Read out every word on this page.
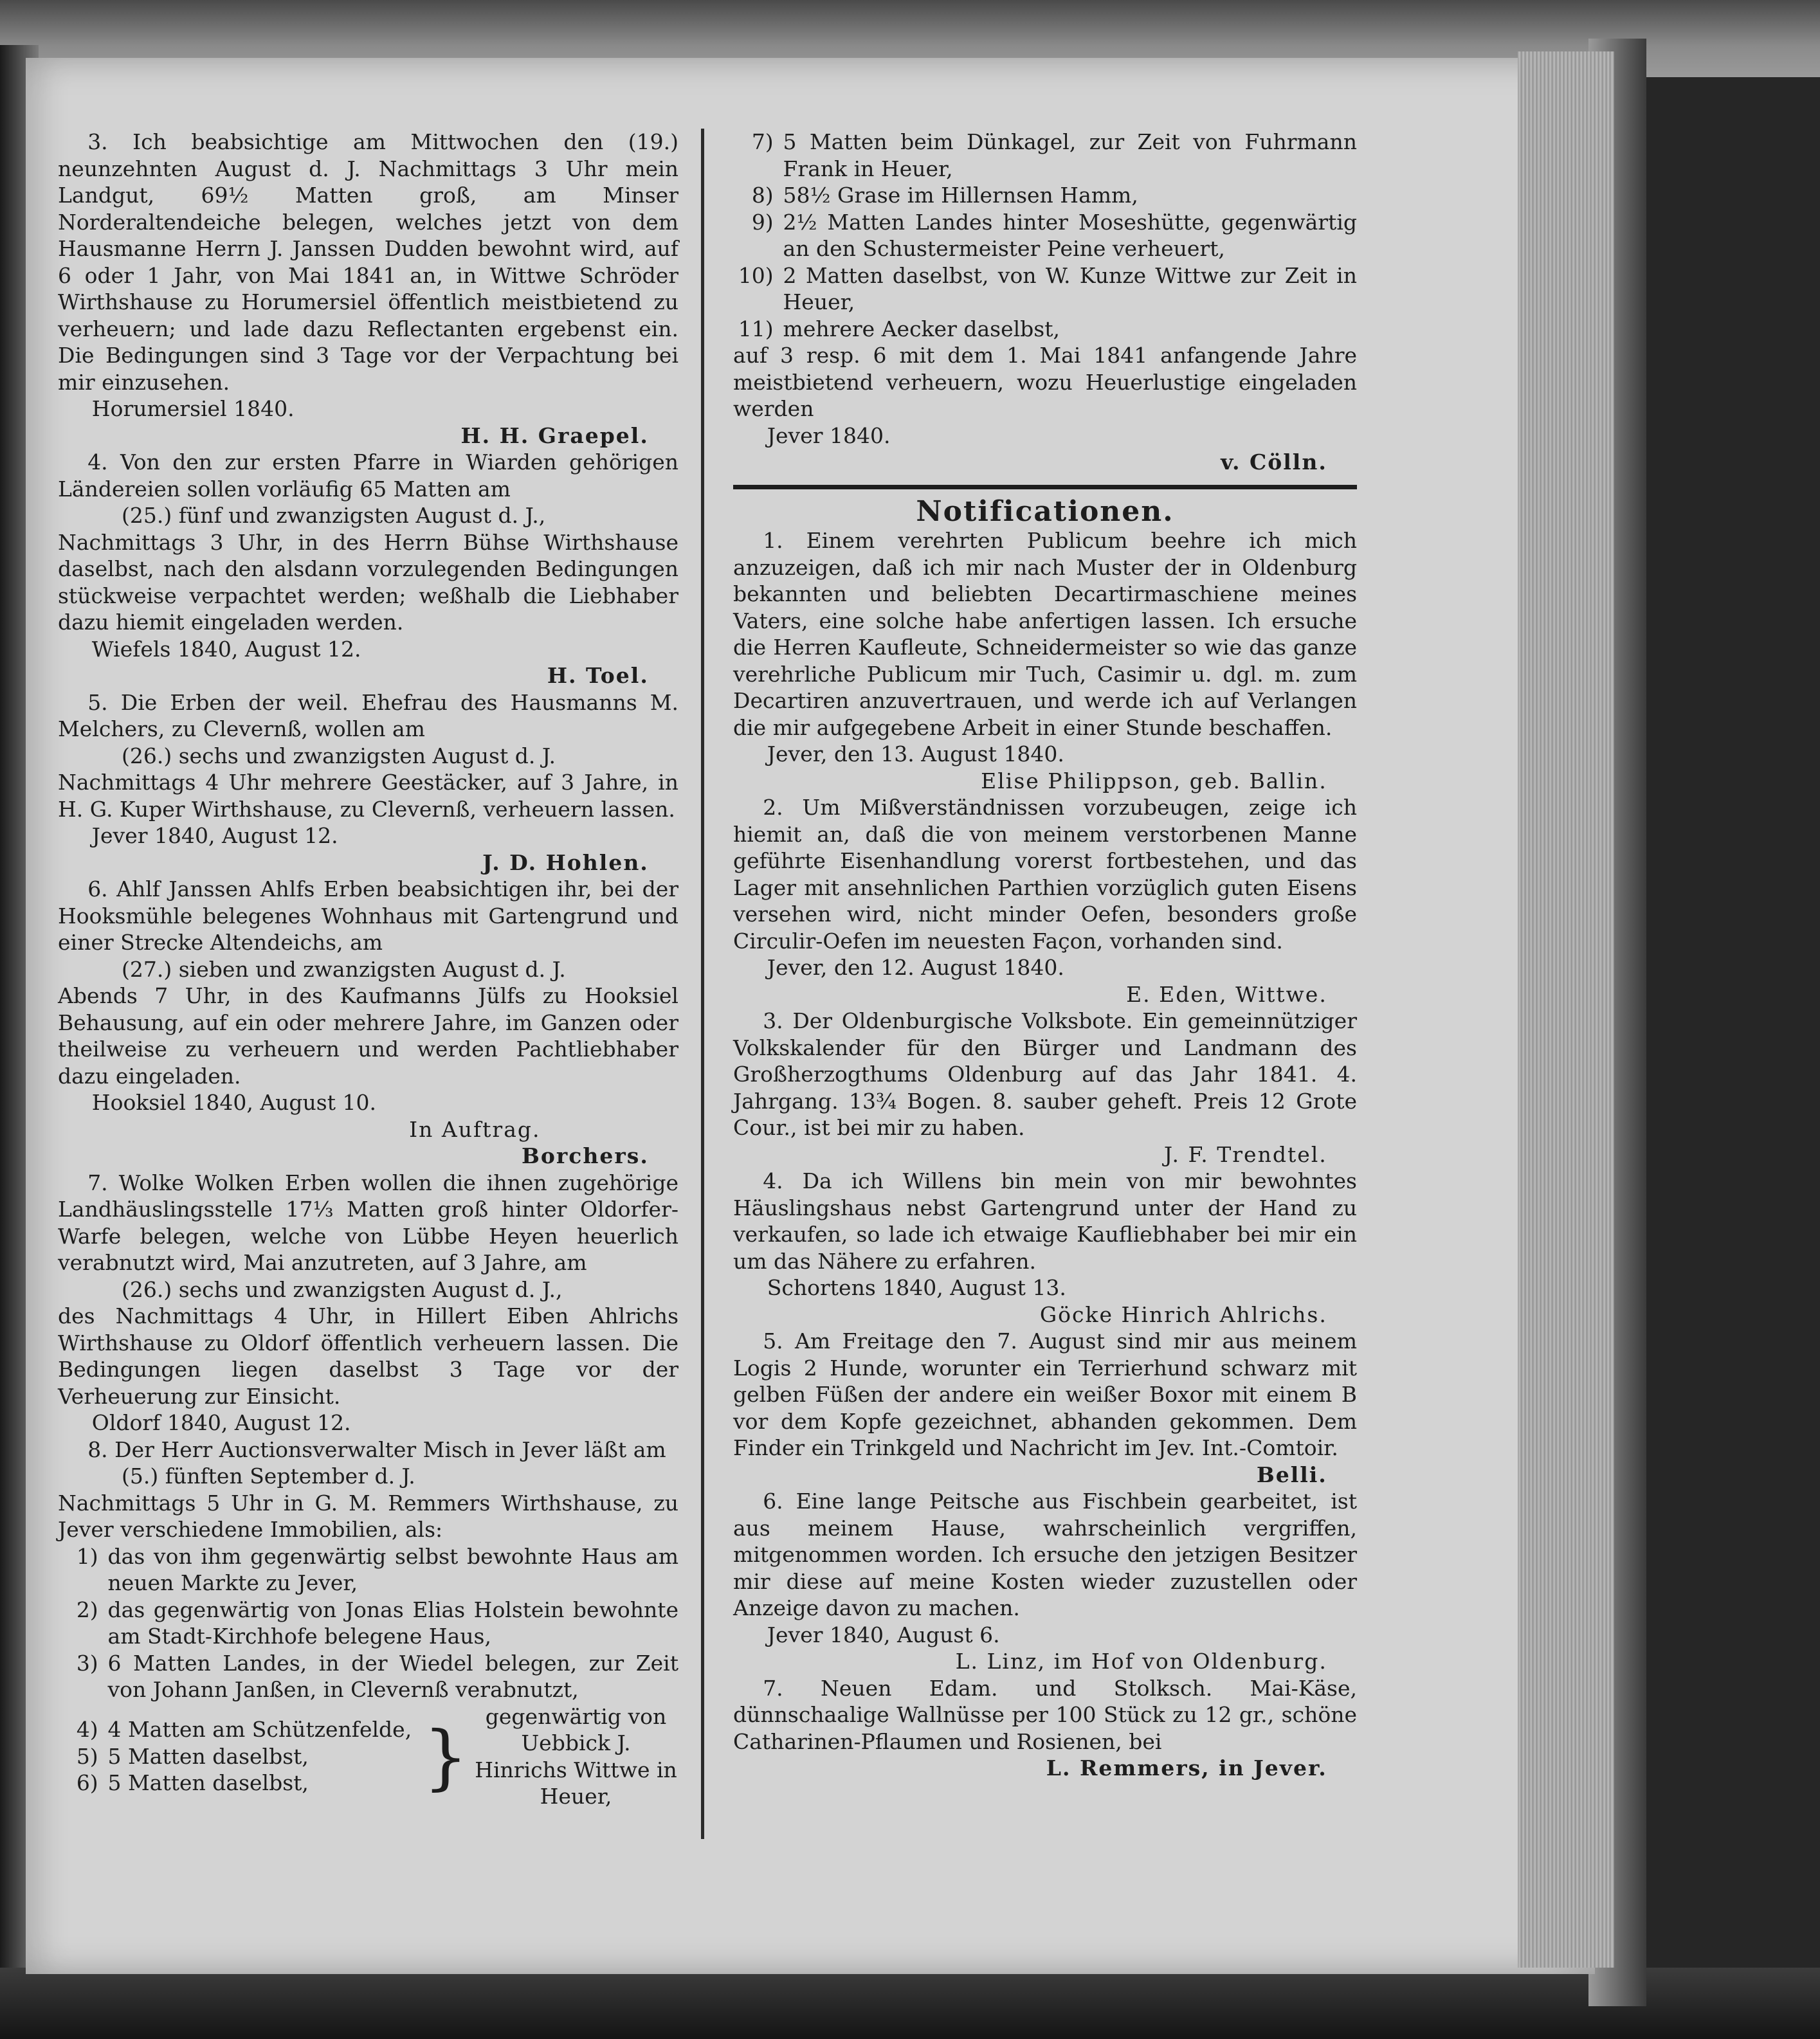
3. Ich beabsichtige am Mittwochen den (19.) neunzehnten August d. J. Nachmittags 3 Uhr mein Landgut, 69½ Matten groß, am Minser Norderaltendeiche belegen, welches jetzt von dem Hausmanne Herrn J. Janssen Dudden bewohnt wird, auf 6 oder 1 Jahr, von Mai 1841 an, in Wittwe Schröder Wirthshause zu Horumersiel öffentlich meistbietend zu verheuern; und lade dazu Reflectanten ergebenst ein. Die Bedingungen sind 3 Tage vor der Verpachtung bei mir einzusehen.
Horumersiel 1840.
H. H. Graepel.

4. Von den zur ersten Pfarre in Wiarden gehörigen Ländereien sollen vorläufig 65 Matten am
(25.) fünf und zwanzigsten August d. J.,
Nachmittags 3 Uhr, in des Herrn Bühse Wirthshause daselbst, nach den alsdann vorzulegenden Bedingungen stückweise verpachtet werden; weßhalb die Liebhaber dazu hiemit eingeladen werden.
Wiefels 1840, August 12.
H. Toel.

5. Die Erben der weil. Ehefrau des Hausmanns M. Melchers, zu Clevernß, wollen am
(26.) sechs und zwanzigsten August d. J.
Nachmittags 4 Uhr mehrere Geestäcker, auf 3 Jahre, in H. G. Kuper Wirthshause, zu Clevernß, verheuern lassen.
Jever 1840, August 12.
J. D. Hohlen.

6. Ahlf Janssen Ahlfs Erben beabsichtigen ihr, bei der Hooksmühle belegenes Wohnhaus mit Gartengrund und einer Strecke Altendeichs, am
(27.) sieben und zwanzigsten August d. J.
Abends 7 Uhr, in des Kaufmanns Jülfs zu Hooksiel Behausung, auf ein oder mehrere Jahre, im Ganzen oder theilweise zu verheuern und werden Pachtliebhaber dazu eingeladen.
Hooksiel 1840, August 10.
In Auftrag.
Borchers.

7. Wolke Wolken Erben wollen die ihnen zugehörige Landhäuslingsstelle 17⅓ Matten groß hinter Oldorfer-Warfe belegen, welche von Lübbe Heyen heuerlich verabnutzt wird, Mai anzutreten, auf 3 Jahre, am
(26.) sechs und zwanzigsten August d. J.,
des Nachmittags 4 Uhr, in Hillert Eiben Ahlrichs Wirthshause zu Oldorf öffentlich verheuern lassen. Die Bedingungen liegen daselbst 3 Tage vor der Verheuerung zur Einsicht.
Oldorf 1840, August 12.

8. Der Herr Auctionsverwalter Misch in Jever läßt am
(5.) fünften September d. J.
Nachmittags 5 Uhr in G. M. Remmers Wirthshause, zu Jever verschiedene Immobilien, als:
1) das von ihm gegenwärtig selbst bewohnte Haus am neuen Markte zu Jever,
2) das gegenwärtig von Jonas Elias Holstein bewohnte am Stadt-Kirchhofe belegene Haus,
3) 6 Matten Landes, in der Wiedel belegen, zur Zeit von Johann Janßen, in Clevernß verabnutzt,
4) 4 Matten am Schützenfelde,
5) 5 Matten daselbst,
6) 5 Matten daselbst,	} gegenwärtig von Uebbick J. Hinrichs Wittwe in Heuer,
7) 5 Matten beim Dünkagel, zur Zeit von Fuhrmann Frank in Heuer,
8) 58½ Grase im Hillernsen Hamm,
9) 2½ Matten Landes hinter Moseshütte, gegenwärtig an den Schustermeister Peine verheuert,
10) 2 Matten daselbst, von W. Kunze Wittwe zur Zeit in Heuer,
11) mehrere Aecker daselbst,

auf 3 resp. 6 mit dem 1. Mai 1841 anfangende Jahre meistbietend verheuern, wozu Heuerlustige eingeladen werden
Jever 1840.
v. Cölln.

Notificationen.

1. Einem verehrten Publicum beehre ich mich anzuzeigen, daß ich mir nach Muster der in Oldenburg bekannten und beliebten Decartirmaschiene meines Vaters, eine solche habe anfertigen lassen. Ich ersuche die Herren Kaufleute, Schneidermeister so wie das ganze verehrliche Publicum mir Tuch, Casimir u. dgl. m. zum Decartiren anzuvertrauen, und werde ich auf Verlangen die mir aufgegebene Arbeit in einer Stunde beschaffen.
Jever, den 13. August 1840.
Elise Philippson, geb. Ballin.

2. Um Mißverständnissen vorzubeugen, zeige ich hiemit an, daß die von meinem verstorbenen Manne geführte Eisenhandlung vorerst fortbestehen, und das Lager mit ansehnlichen Parthien vorzüglich guten Eisens versehen wird, nicht minder Oefen, besonders große Circulir-Oefen im neuesten Façon, vorhanden sind.
Jever, den 12. August 1840.
E. Eden, Wittwe.

3. Der Oldenburgische Volksbote. Ein gemeinnütziger Volkskalender für den Bürger und Landmann des Großherzogthums Oldenburg auf das Jahr 1841. 4. Jahrgang. 13¾ Bogen. 8. sauber geheft. Preis 12 Grote Cour., ist bei mir zu haben.
J. F. Trendtel.

4. Da ich Willens bin mein von mir bewohntes Häuslingshaus nebst Gartengrund unter der Hand zu verkaufen, so lade ich etwaige Kaufliebhaber bei mir ein um das Nähere zu erfahren.
Schortens 1840, August 13.
Göcke Hinrich Ahlrichs.

5. Am Freitage den 7. August sind mir aus meinem Logis 2 Hunde, worunter ein Terrierhund schwarz mit gelben Füßen der andere ein weißer Boxor mit einem B vor dem Kopfe gezeichnet, abhanden gekommen. Dem Finder ein Trinkgeld und Nachricht im Jev. Int.-Comtoir.
Belli.

6. Eine lange Peitsche aus Fischbein gearbeitet, ist aus meinem Hause, wahrscheinlich vergriffen, mitgenommen worden. Ich ersuche den jetzigen Besitzer mir diese auf meine Kosten wieder zuzustellen oder Anzeige davon zu machen.
Jever 1840, August 6.
L. Linz, im Hof von Oldenburg.

7. Neuen Edam. und Stolksch. Mai-Käse, dünnschaalige Wallnüsse per 100 Stück zu 12 gr., schöne Catharinen-Pflaumen und Rosienen, bei
L. Remmers, in Jever.
